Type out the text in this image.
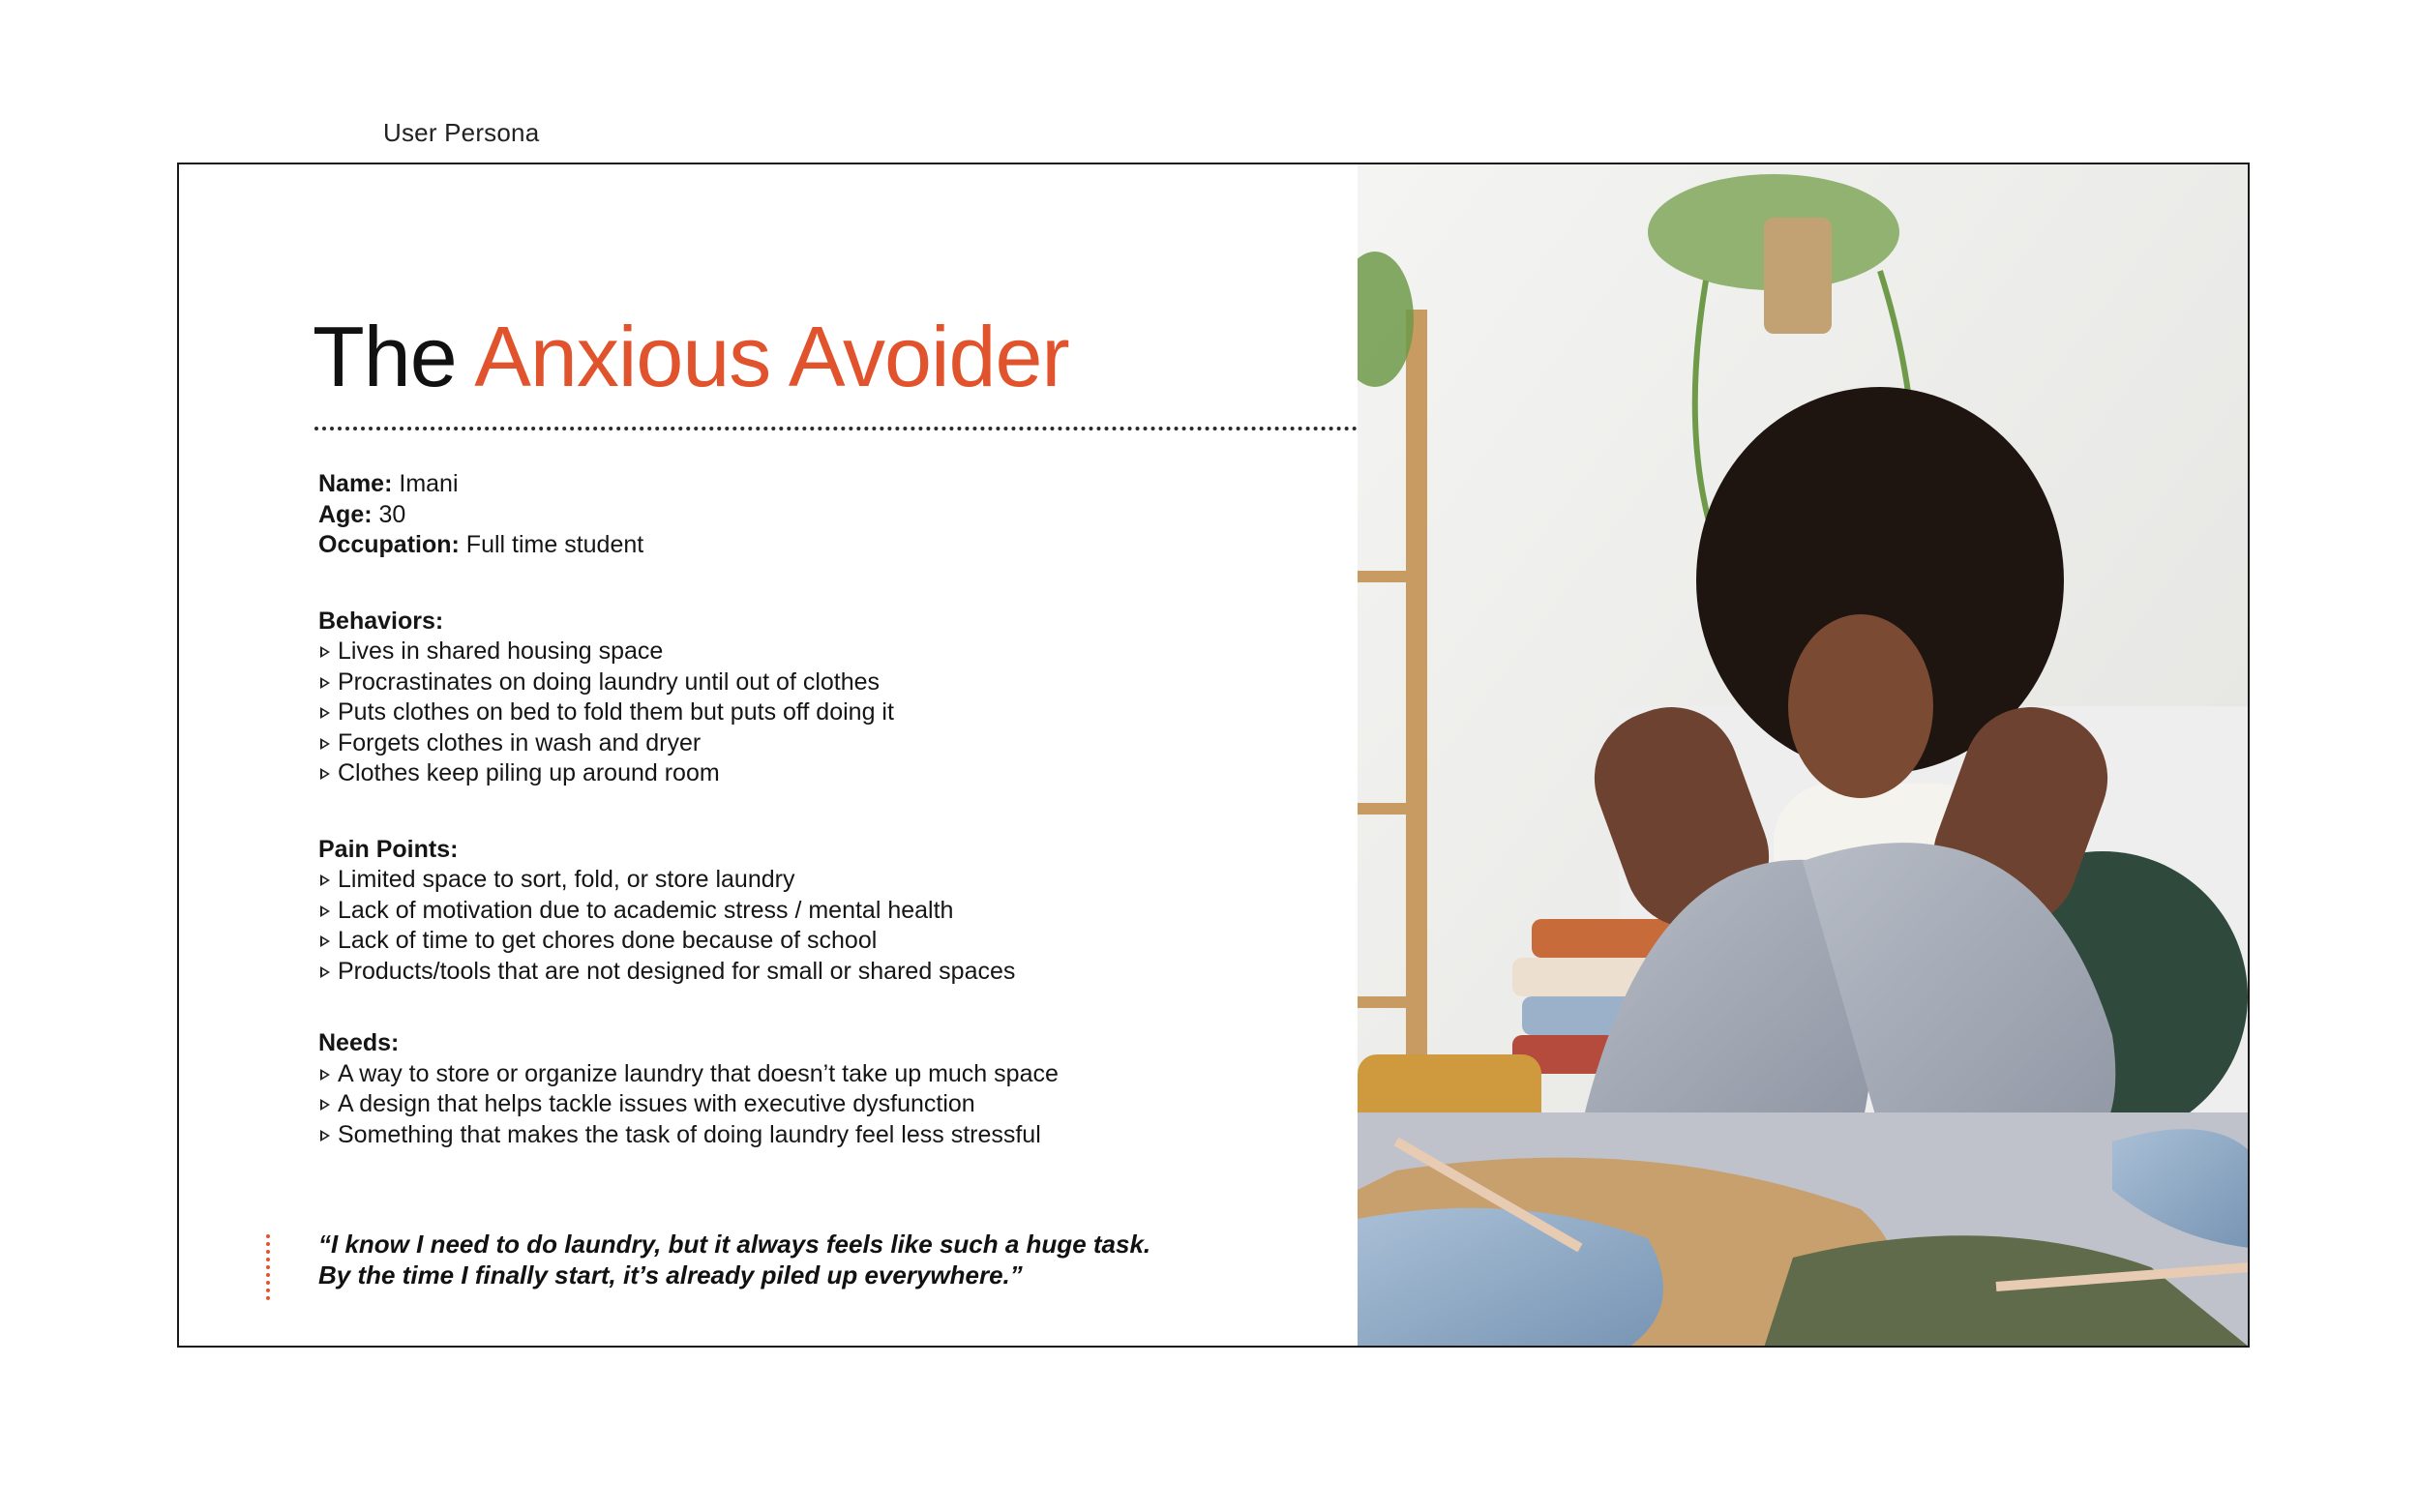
User Persona
The Anxious Avoider
Name: Imani
Age: 30
Occupation: Full time student
Behaviors:
Lives in shared housing space
Procrastinates on doing laundry until out of clothes
Puts clothes on bed to fold them but puts off doing it
Forgets clothes in wash and dryer
Clothes keep piling up around room
Pain Points:
Limited space to sort, fold, or store laundry
Lack of motivation due to academic stress / mental health
Lack of time to get chores done because of school
Products/tools that are not designed for small or shared spaces
Needs:
A way to store or organize laundry that doesn’t take up much space
A design that helps tackle issues with executive dysfunction
Something that makes the task of doing laundry feel less stressful
“I know I need to do laundry, but it always feels like such a huge task.
By the time I finally start, it’s already piled up everywhere.”
